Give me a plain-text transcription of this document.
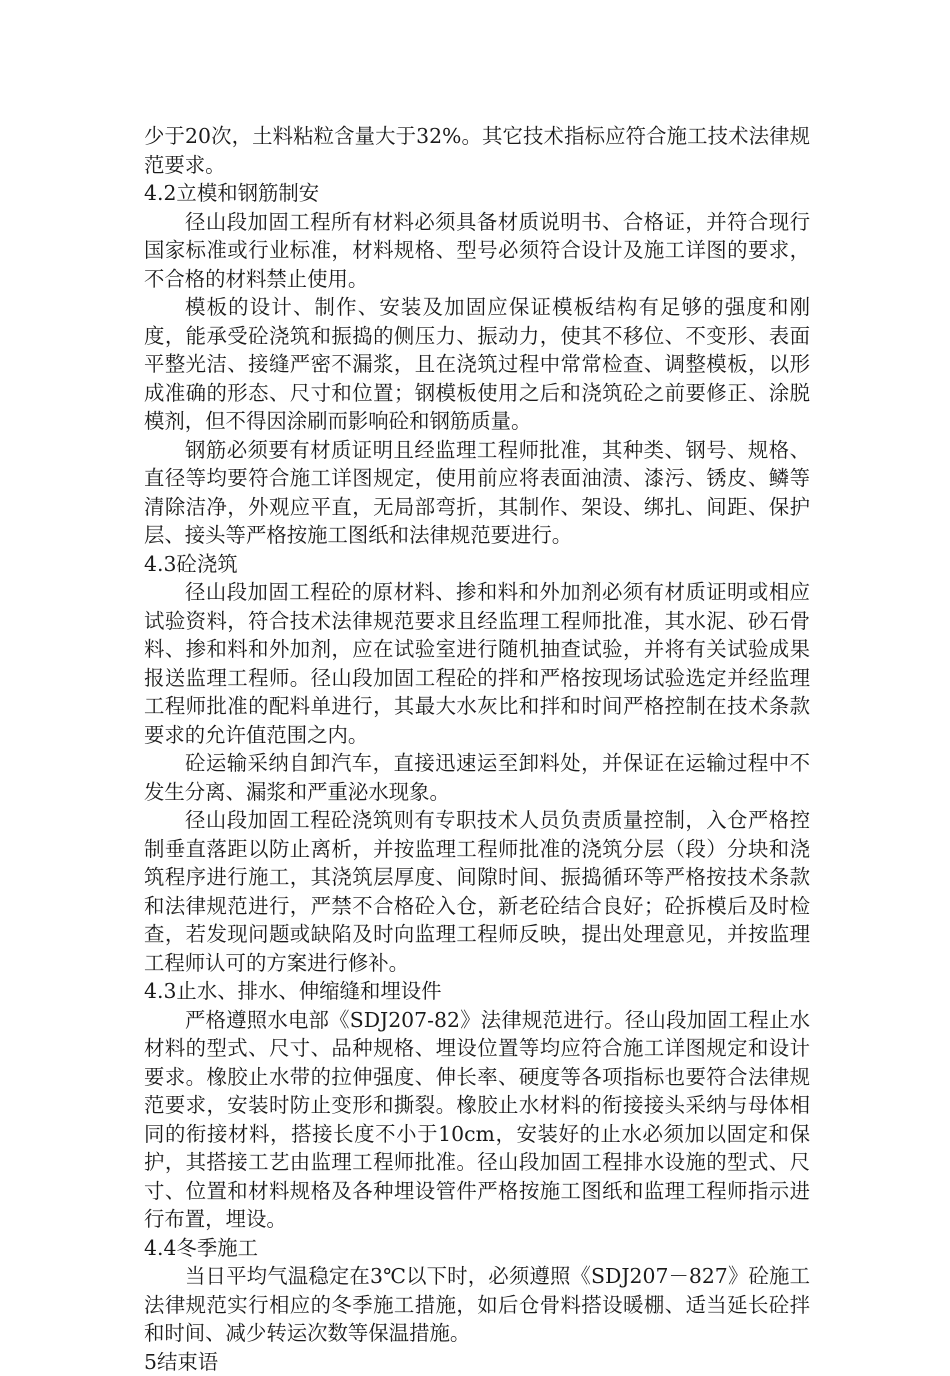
少于20次，土料粘粒含量大于32%。其它技术指标应符合施工技术法律规范要求。

4.2立模和钢筋制安

径山段加固工程所有材料必须具备材质说明书、合格证，并符合现行国家标准或行业标准，材料规格、型号必须符合设计及施工详图的要求，不合格的材料禁止使用。

模板的设计、制作、安装及加固应保证模板结构有足够的强度和刚度，能承受砼浇筑和振捣的侧压力、振动力，使其不移位、不变形、表面平整光洁、接缝严密不漏浆，且在浇筑过程中常常检查、调整模板，以形成准确的形态、尺寸和位置；钢模板使用之后和浇筑砼之前要修正、涂脱模剂，但不得因涂刷而影响砼和钢筋质量。

钢筋必须要有材质证明且经监理工程师批准，其种类、钢号、规格、直径等均要符合施工详图规定，使用前应将表面油渍、漆污、锈皮、鳞等清除洁净，外观应平直，无局部弯折，其制作、架设、绑扎、间距、保护层、接头等严格按施工图纸和法律规范要进行。

4.3砼浇筑

径山段加固工程砼的原材料、掺和料和外加剂必须有材质证明或相应试验资料，符合技术法律规范要求且经监理工程师批准，其水泥、砂石骨料、掺和料和外加剂，应在试验室进行随机抽查试验，并将有关试验成果报送监理工程师。径山段加固工程砼的拌和严格按现场试验选定并经监理工程师批准的配料单进行，其最大水灰比和拌和时间严格控制在技术条款要求的允许值范围之内。

砼运输采纳自卸汽车，直接迅速运至卸料处，并保证在运输过程中不发生分离、漏浆和严重泌水现象。

径山段加固工程砼浇筑则有专职技术人员负责质量控制，入仓严格控制垂直落距以防止离析，并按监理工程师批准的浇筑分层（段）分块和浇筑程序进行施工，其浇筑层厚度、间隙时间、振捣循环等严格按技术条款和法律规范进行，严禁不合格砼入仓，新老砼结合良好；砼拆模后及时检查，若发现问题或缺陷及时向监理工程师反映，提出处理意见，并按监理工程师认可的方案进行修补。

4.3止水、排水、伸缩缝和埋设件

严格遵照水电部《SDJ207-82》法律规范进行。径山段加固工程止水材料的型式、尺寸、品种规格、埋设位置等均应符合施工详图规定和设计要求。橡胶止水带的拉伸强度、伸长率、硬度等各项指标也要符合法律规范要求，安装时防止变形和撕裂。橡胶止水材料的衔接接头采纳与母体相同的衔接材料，搭接长度不小于10cm，安装好的止水必须加以固定和保护，其搭接工艺由监理工程师批准。径山段加固工程排水设施的型式、尺寸、位置和材料规格及各种埋设管件严格按施工图纸和监理工程师指示进行布置，埋设。

4.4冬季施工

当日平均气温稳定在3℃以下时，必须遵照《SDJ207－827》砼施工法律规范实行相应的冬季施工措施，如后仓骨料搭设暖棚、适当延长砼拌和时间、减少转运次数等保温措施。

5结束语
